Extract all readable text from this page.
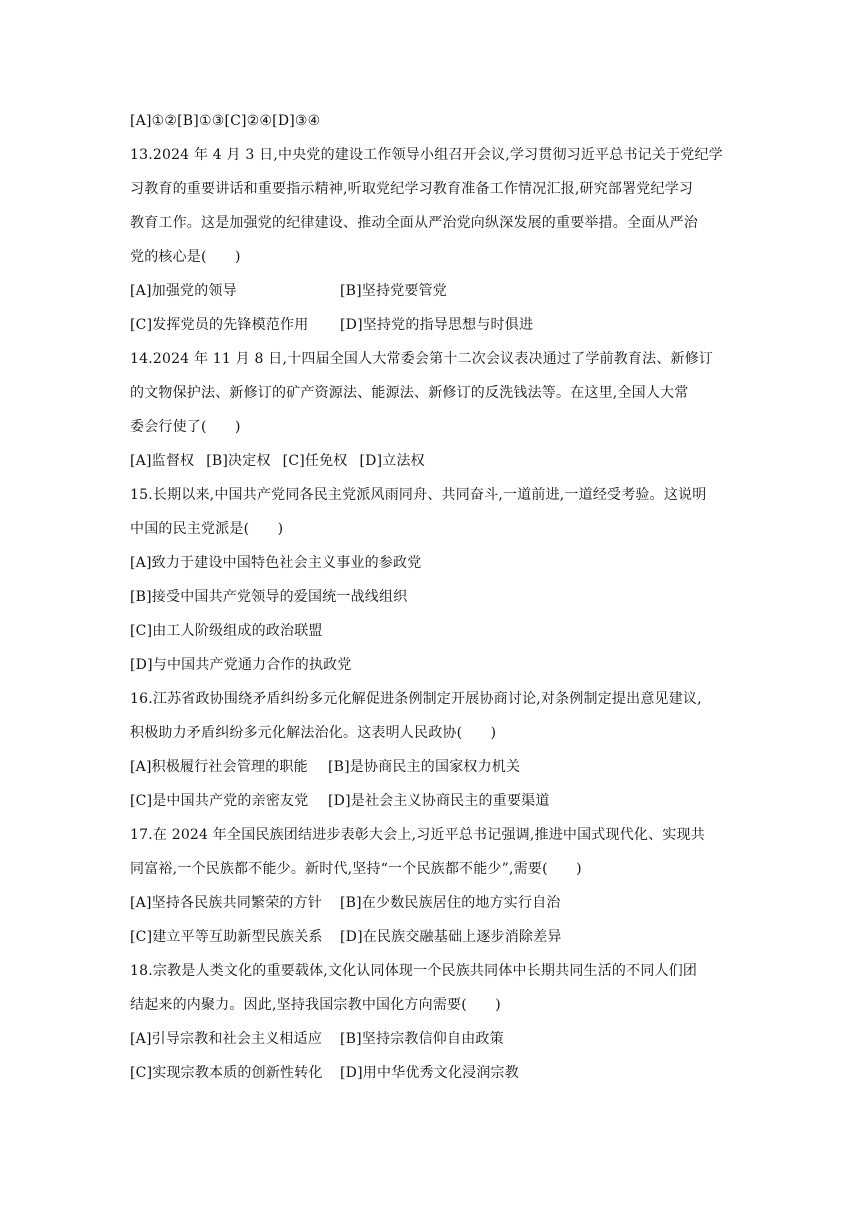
[A]①②[B]①③[C]②④[D]③④
13.2024 年 4 月 3 日,中央党的建设工作领导小组召开会议,学习贯彻习近平总书记关于党纪学
习教育的重要讲话和重要指示精神,听取党纪学习教育准备工作情况汇报,研究部署党纪学习
教育工作。这是加强党的纪律建设、推动全面从严治党向纵深发展的重要举措。全面从严治
党的核心是(　　)
[A]加强党的领导	[B]坚持党要管党
[C]发挥党员的先锋模范作用 [D]坚持党的指导思想与时俱进
14.2024 年 11 月 8 日,十四届全国人大常委会第十二次会议表决通过了学前教育法、新修订
的文物保护法、新修订的矿产资源法、能源法、新修订的反洗钱法等。在这里,全国人大常
委会行使了(　　)
[A]监督权 [B]决定权 [C]任免权 [D]立法权
15.长期以来,中国共产党同各民主党派风雨同舟、共同奋斗,一道前进,一道经受考验。这说明
中国的民主党派是(　　)
[A]致力于建设中国特色社会主义事业的参政党
[B]接受中国共产党领导的爱国统一战线组织
[C]由工人阶级组成的政治联盟
[D]与中国共产党通力合作的执政党
16.江苏省政协围绕矛盾纠纷多元化解促进条例制定开展协商讨论,对条例制定提出意见建议,
积极助力矛盾纠纷多元化解法治化。这表明人民政协(　　)
[A]积极履行社会管理的职能 [B]是协商民主的国家权力机关
[C]是中国共产党的亲密友党 [D]是社会主义协商民主的重要渠道
17.在 2024 年全国民族团结进步表彰大会上,习近平总书记强调,推进中国式现代化、实现共
同富裕,一个民族都不能少。新时代,坚持“一个民族都不能少”,需要(　　)
[A]坚持各民族共同繁荣的方针 [B]在少数民族居住的地方实行自治
[C]建立平等互助新型民族关系 [D]在民族交融基础上逐步消除差异
18.宗教是人类文化的重要载体,文化认同体现一个民族共同体中长期共同生活的不同人们团
结起来的内聚力。因此,坚持我国宗教中国化方向需要(　　)
[A]引导宗教和社会主义相适应 [B]坚持宗教信仰自由政策
[C]实现宗教本质的创新性转化 [D]用中华优秀文化浸润宗教
